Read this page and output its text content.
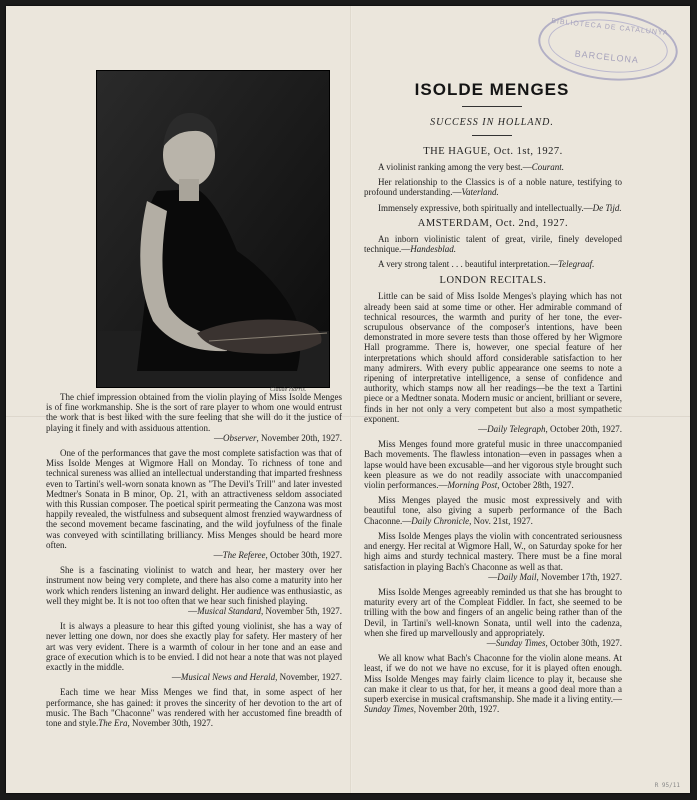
BIBLIOTECA DE CATALUNYA
BARCELONA
Claude Harris.

The chief impression obtained from the violin playing of Miss Isolde Menges is of fine workmanship. She is the sort of rare player to whom one would entrust the work that is best liked with the sure feeling that she will do it the justice of playing it finely and with assiduous attention.

—Observer, November 20th, 1927.

One of the performances that gave the most complete satisfaction was that of Miss Isolde Menges at Wigmore Hall on Monday. To richness of tone and technical sureness was allied an intellectual understanding that imparted freshness even to Tartini's well-worn sonata known as "The Devil's Trill" and later invested Medtner's Sonata in B minor, Op. 21, with an attractiveness seldom associated with this Russian composer. The poetical spirit permeating the Canzona was most happily revealed, the wistfulness and subsequent almost frenzied waywardness of the second movement became fascinating, and the wild joyfulness of the finale was conveyed with scintillating brilliancy. Miss Menges should be heard more often.

—The Referee, October 30th, 1927.

She is a fascinating violinist to watch and hear, her mastery over her instrument now being very complete, and there has also come a maturity into her work which renders listening an inward delight. Her audience was enthusiastic, as well they might be. It is not too often that we hear such finished playing.

—Musical Standard, November 5th, 1927.

It is always a pleasure to hear this gifted young violinist, she has a way of never letting one down, nor does she exactly play for safety. Her mastery of her art was very evident. There is a warmth of colour in her tone and an ease and grace of execution which is to be envied. I did not hear a note that was not played exactly in the middle.

—Musical News and Herald, November, 1927.

Each time we hear Miss Menges we find that, in some aspect of her performance, she has gained: it proves the sincerity of her devotion to the art of music. The Bach "Chaconne" was rendered with her accustomed fine breadth of tone and style.The Era, November 30th, 1927.

ISOLDE MENGES
SUCCESS IN HOLLAND.

THE HAGUE, Oct. 1st, 1927.

A violinist ranking among the very best.—Courant.

Her relationship to the Classics is of a noble nature, testifying to profound understanding.—Vaterland.

Immensely expressive, both spiritually and intellectually.—De Tijd.

AMSTERDAM, Oct. 2nd, 1927.

An inborn violinistic talent of great, virile, finely developed technique.—Handesblad.

A very strong talent . . . beautiful interpretation.—Telegraaf.

LONDON RECITALS.

Little can be said of Miss Isolde Menges's playing which has not already been said at some time or other. Her admirable command of technical resources, the warmth and purity of her tone, the ever-scrupulous observance of the composer's intentions, have been demonstrated in more severe tests than those offered by her Wigmore Hall programme. There is, however, one special feature of her interpretations which should afford considerable satisfaction to her many admirers. With every public appearance one seems to note a ripening of interpretative intelligence, a sense of confidence and authority, which stamps now all her readings—be the text a Tartini piece or a Medtner sonata. Modern music or ancient, brilliant or severe, finds in her not only a very competent but also a most sympathetic exponent.

—Daily Telegraph, October 20th, 1927.

Miss Menges found more grateful music in three unaccompanied Bach movements. The flawless intonation—even in passages when a lapse would have been excusable—and her vigorous style brought such keen pleasure as we do not readily associate with unaccompanied violin performances.—Morning Post, October 28th, 1927.

Miss Menges played the music most expressively and with beautiful tone, also giving a superb performance of the Bach Chaconne.—Daily Chronicle, Nov. 21st, 1927.

Miss Isolde Menges plays the violin with concentrated seriousness and energy. Her recital at Wigmore Hall, W., on Saturday spoke for her high aims and sturdy technical mastery. There must be a fine moral satisfaction in playing Bach's Chaconne as well as that.

—Daily Mail, November 17th, 1927.

Miss Isolde Menges agreeably reminded us that she has brought to maturity every art of the Compleat Fiddler. In fact, she seemed to be trilling with the bow and fingers of an angelic being rather than of the Devil, in Tartini's well-known Sonata, until well into the cadenza, when she fired up marvellously and appropriately.

—Sunday Times, October 30th, 1927.

We all know what Bach's Chaconne for the violin alone means. At least, if we do not we have no excuse, for it is played often enough. Miss Isolde Menges may fairly claim licence to play it, because she can make it clear to us that, for her, it means a good deal more than a superb exercise in musical craftsmanship. She made it a living entity.—Sunday Times, November 20th, 1927.

R 95/11
